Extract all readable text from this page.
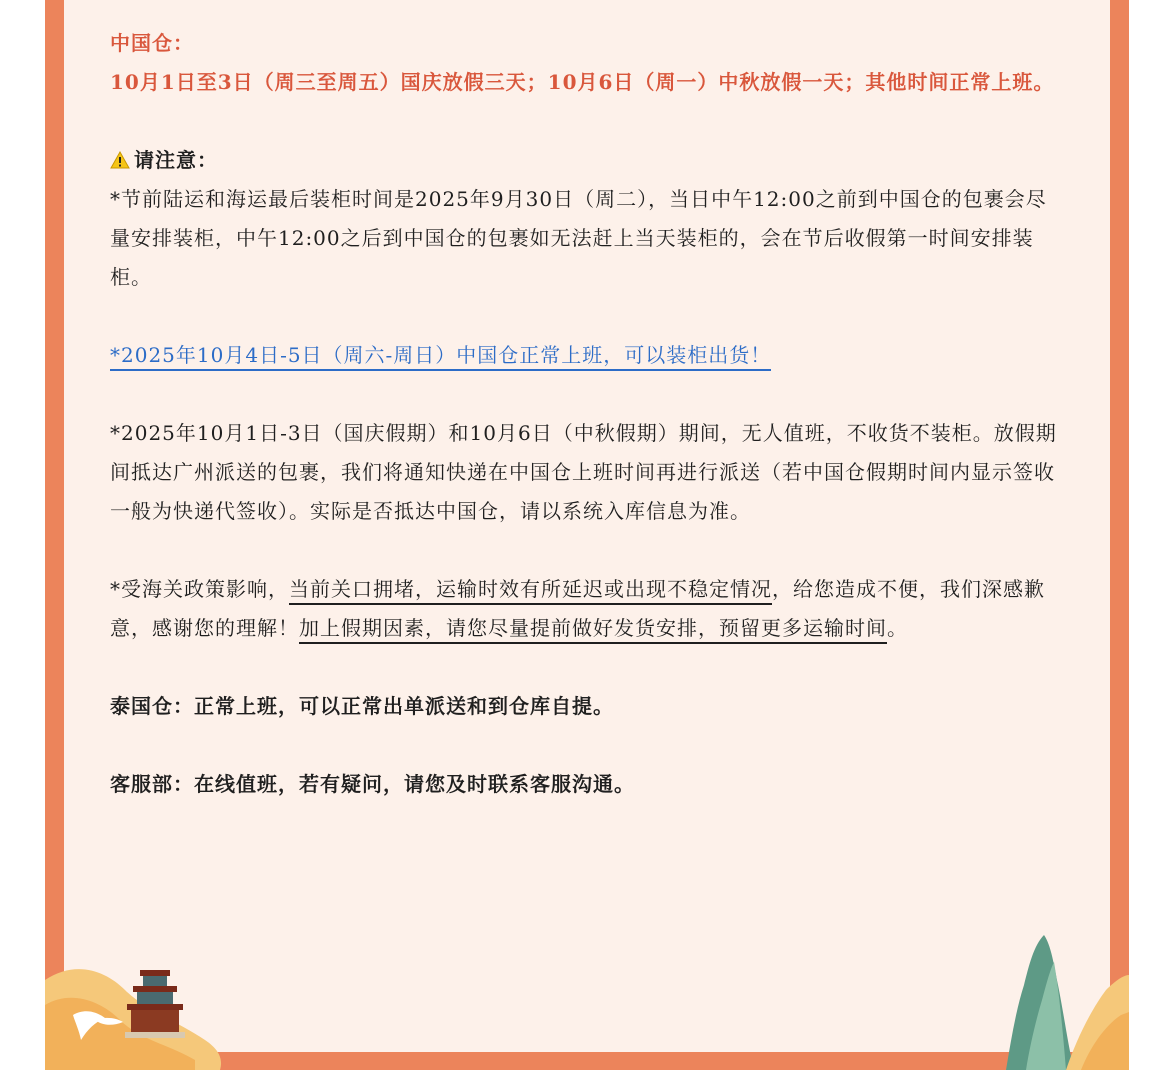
中国仓：

10月1日至3日（周三至周五）国庆放假三天；10月6日（周一）中秋放假一天；其他时间正常上班。

请注意：

*节前陆运和海运最后装柜时间是2025年9月30日（周二），当日中午12:00之前到中国仓的包裹会尽量安排装柜，中午12:00之后到中国仓的包裹如无法赶上当天装柜的，会在节后收假第一时间安排装柜。

*2025年10月4日-5日（周六-周日）中国仓正常上班，可以装柜出货！

*2025年10月1日-3日（国庆假期）和10月6日（中秋假期）期间，无人值班，不收货不装柜。放假期间抵达广州派送的包裹，我们将通知快递在中国仓上班时间再进行派送（若中国仓假期时间内显示签收一般为快递代签收）。实际是否抵达中国仓，请以系统入库信息为准。

*受海关政策影响，当前关口拥堵，运输时效有所延迟或出现不稳定情况，给您造成不便，我们深感歉意，感谢您的理解！加上假期因素，请您尽量提前做好发货安排，预留更多运输时间。

泰国仓：正常上班，可以正常出单派送和到仓库自提。

客服部：在线值班，若有疑问，请您及时联系客服沟通。
